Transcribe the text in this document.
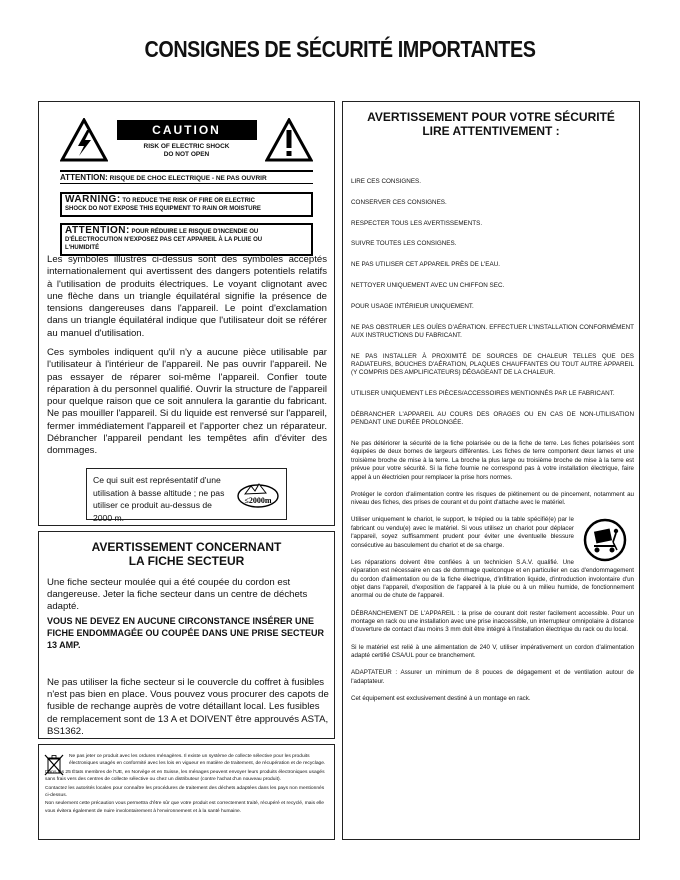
CONSIGNES DE SÉCURITÉ IMPORTANTES
CAUTION
RISK OF ELECTRIC SHOCK
DO NOT OPEN
ATTENTION: RISQUE DE CHOC ELECTRIQUE - NE PAS OUVRIR
WARNING: TO REDUCE THE RISK OF FIRE OR ELECTRIC
SHOCK DO NOT EXPOSE THIS EQUIPMENT TO RAIN OR MOISTURE
ATTENTION: POUR RÉDUIRE LE RISQUE D'INCENDIE OU
D'ÉLECTROCUTION N'EXPOSEZ PAS CET APPAREIL À LA PLUIE OU
L'HUMIDITÉ

Les symboles illustrés ci-dessus sont des symboles acceptés internationalement qui avertissent des dangers potentiels relatifs à l'utilisation de produits électriques. Le voyant clignotant avec une flèche dans un triangle équilatéral signifie la présence de tensions dangereuses dans l'appareil. Le point d'exclamation dans un triangle équilatéral indique que l'utilisateur doit se référer au manuel d'utilisation.

Ces symboles indiquent qu'il n'y a aucune pièce utilisable par l'utilisateur à l'intérieur de l'appareil. Ne pas ouvrir l'appareil. Ne pas essayer de réparer soi-même l'appareil. Confier toute réparation à du personnel qualifié. Ouvrir la structure de l'appareil pour quelque raison que ce soit annulera la garantie du fabricant. Ne pas mouiller l'appareil. Si du liquide est renversé sur l'appareil, fermer immédiatement l'appareil et l'apporter chez un réparateur. Débrancher l'appareil pendant les tempêtes afin d'éviter des dommages.

Ce qui suit est représentatif d'une utilisation à basse altitude ; ne pas utiliser ce produit au-dessus de 2000 m.
≤2000m
AVERTISSEMENT CONCERNANT
LA FICHE SECTEUR

Une fiche secteur moulée qui a été coupée du cordon est dangereuse. Jeter la fiche secteur dans un centre de déchets adapté.

VOUS NE DEVEZ EN AUCUNE CIRCONSTANCE INSÉRER UNE FICHE ENDOMMAGÉE OU COUPÉE DANS UNE PRISE SECTEUR 13 AMP.

Ne pas utiliser la fiche secteur si le couvercle du coffret à fusibles n'est pas bien en place. Vous pouvez vous procurer des capots de fusible de rechange auprès de votre détaillant local. Les fusibles de remplacement sont de 13 A et DOIVENT être approuvés ASTA, BS1362.

Ne pas jeter ce produit avec les ordures ménagères. Il existe un système de collecte sélective pour les produits électroniques usagés en conformité avec les lois en vigueur en matière de traitement, de récupération et de recyclage.

Dans les 25 États membres de l'UE, en Norvège et en Suisse, les ménages peuvent envoyer leurs produits électroniques usagés sans frais vers des centres de collecte sélective ou chez un distributeur (contre l'achat d'un nouveau produit).

Contactez les autorités locales pour connaître les procédures de traitement des déchets adaptées dans les pays non mentionnés ci-dessus.

Non seulement cette précaution vous permettra d'être sûr que votre produit est correctement traité, récupéré et recyclé, mais elle vous évitera également de nuire involontairement à l'environnement et à la santé humaine.

AVERTISSEMENT POUR VOTRE SÉCURITÉ
LIRE ATTENTIVEMENT :

LIRE CES CONSIGNES.

CONSERVER CES CONSIGNES.

RESPECTER TOUS LES AVERTISSEMENTS.

SUIVRE TOUTES LES CONSIGNES.

NE PAS UTILISER CET APPAREIL PRÈS DE L'EAU.

NETTOYER UNIQUEMENT AVEC UN CHIFFON SEC.

POUR USAGE INTÉRIEUR UNIQUEMENT.

NE PAS OBSTRUER LES OUÏES D'AÉRATION. EFFECTUER L'INSTALLATION CONFORMÉMENT AUX INSTRUCTIONS DU FABRICANT.

NE PAS INSTALLER À PROXIMITÉ DE SOURCES DE CHALEUR TELLES QUE DES RADIATEURS, BOUCHES D'AÉRATION, PLAQUES CHAUFFANTES OU TOUT AUTRE APPAREIL (Y COMPRIS DES AMPLIFICATEURS) DÉGAGEANT DE LA CHALEUR.

UTILISER UNIQUEMENT LES PIÈCES/ACCESSOIRES MENTIONNÉS PAR LE FABRICANT.

DÉBRANCHER L'APPAREIL AU COURS DES ORAGES OU EN CAS DE NON-UTILISATION PENDANT UNE DURÉE PROLONGÉE.

Ne pas détériorer la sécurité de la fiche polarisée ou de la fiche de terre. Les fiches polarisées sont équipées de deux bornes de largeurs différentes. Les fiches de terre comportent deux lames et une troisième broche de mise à la terre. La broche la plus large ou troisième broche de mise à la terre est prévue pour votre sécurité. Si la fiche fournie ne correspond pas à votre installation électrique, faire appel à un électricien pour remplacer la prise hors normes.

Protéger le cordon d'alimentation contre les risques de piétinement ou de pincement, notamment au niveau des fiches, des prises de courant et du point d'attache avec le matériel.

Utiliser uniquement le chariot, le support, le trépied ou la table spécifié(e) par le fabricant ou vendu(e) avec le matériel. Si vous utilisez un chariot pour déplacer l'appareil, soyez suffisamment prudent pour éviter une éventuelle blessure consécutive au basculement du chariot et de sa charge.

Les réparations doivent être confiées à un technicien S.A.V. qualifié. Une réparation est nécessaire en cas de dommage quelconque et en particulier en cas d'endommagement du cordon d'alimentation ou de la fiche électrique, d'infiltration liquide, d'introduction involontaire d'un objet dans l'appareil, d'exposition de l'appareil à la pluie ou à un milieu humide, de fonctionnement anormal ou de chute de l'appareil.

DÉBRANCHEMENT DE L'APPAREIL : la prise de courant doit rester facilement accessible. Pour un montage en rack ou une installation avec une prise inaccessible, un interrupteur omnipolaire à distance d'ouverture de contact d'au moins 3 mm doit être intégré à l'installation électrique du rack ou du local.

Si le matériel est relié à une alimentation de 240 V, utiliser impérativement un cordon d'alimentation adapté certifié CSA/UL pour ce branchement.

ADAPTATEUR : Assurer un minimum de 8 pouces de dégagement et de ventilation autour de l'adaptateur.

Cet équipement est exclusivement destiné à un montage en rack.
